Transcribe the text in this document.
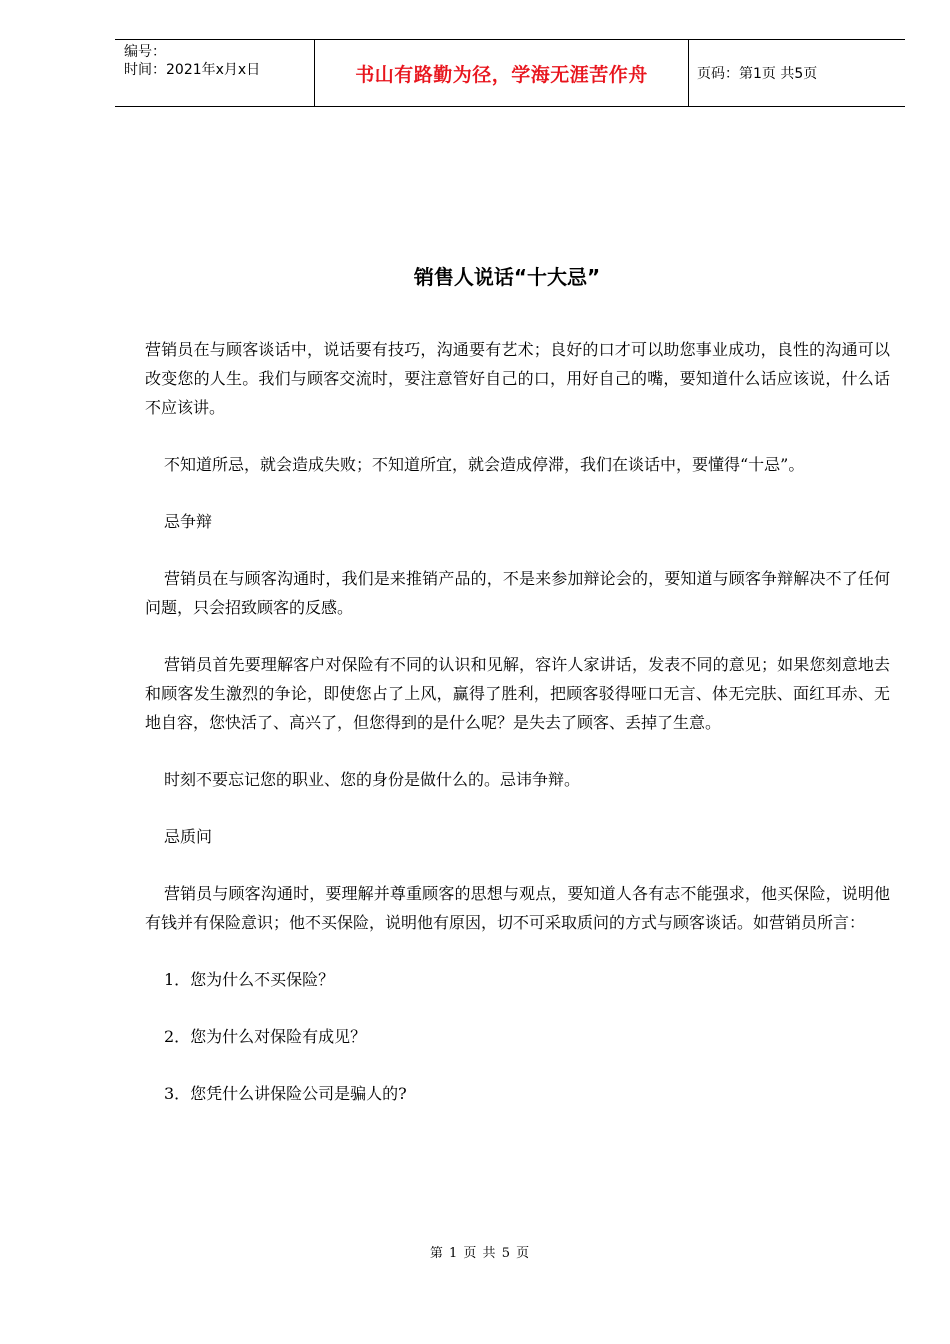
编号：
时间：2021年x月x日	书山有路勤为径，学海无涯苦作舟	页码：第1页 共5页
销售人说话“十大忌”

营销员在与顾客谈话中，说话要有技巧，沟通要有艺术；良好的口才可以助您事业成功，良性的沟通可以改变您的人生。我们与顾客交流时，要注意管好自己的口，用好自己的嘴，要知道什么话应该说，什么话不应该讲。

不知道所忌，就会造成失败；不知道所宜，就会造成停滞，我们在谈话中，要懂得“十忌”。

忌争辩

营销员在与顾客沟通时，我们是来推销产品的，不是来参加辩论会的，要知道与顾客争辩解决不了任何问题，只会招致顾客的反感。

营销员首先要理解客户对保险有不同的认识和见解，容许人家讲话，发表不同的意见；如果您刻意地去和顾客发生激烈的争论，即使您占了上风，赢得了胜利，把顾客驳得哑口无言、体无完肤、面红耳赤、无地自容，您快活了、高兴了，但您得到的是什么呢？是失去了顾客、丢掉了生意。

时刻不要忘记您的职业、您的身份是做什么的。忌讳争辩。

忌质问

营销员与顾客沟通时，要理解并尊重顾客的思想与观点，要知道人各有志不能强求，他买保险，说明他有钱并有保险意识；他不买保险，说明他有原因，切不可采取质问的方式与顾客谈话。如营销员所言：

1．您为什么不买保险？

2．您为什么对保险有成见？

3．您凭什么讲保险公司是骗人的?

第 1 页 共 5 页
